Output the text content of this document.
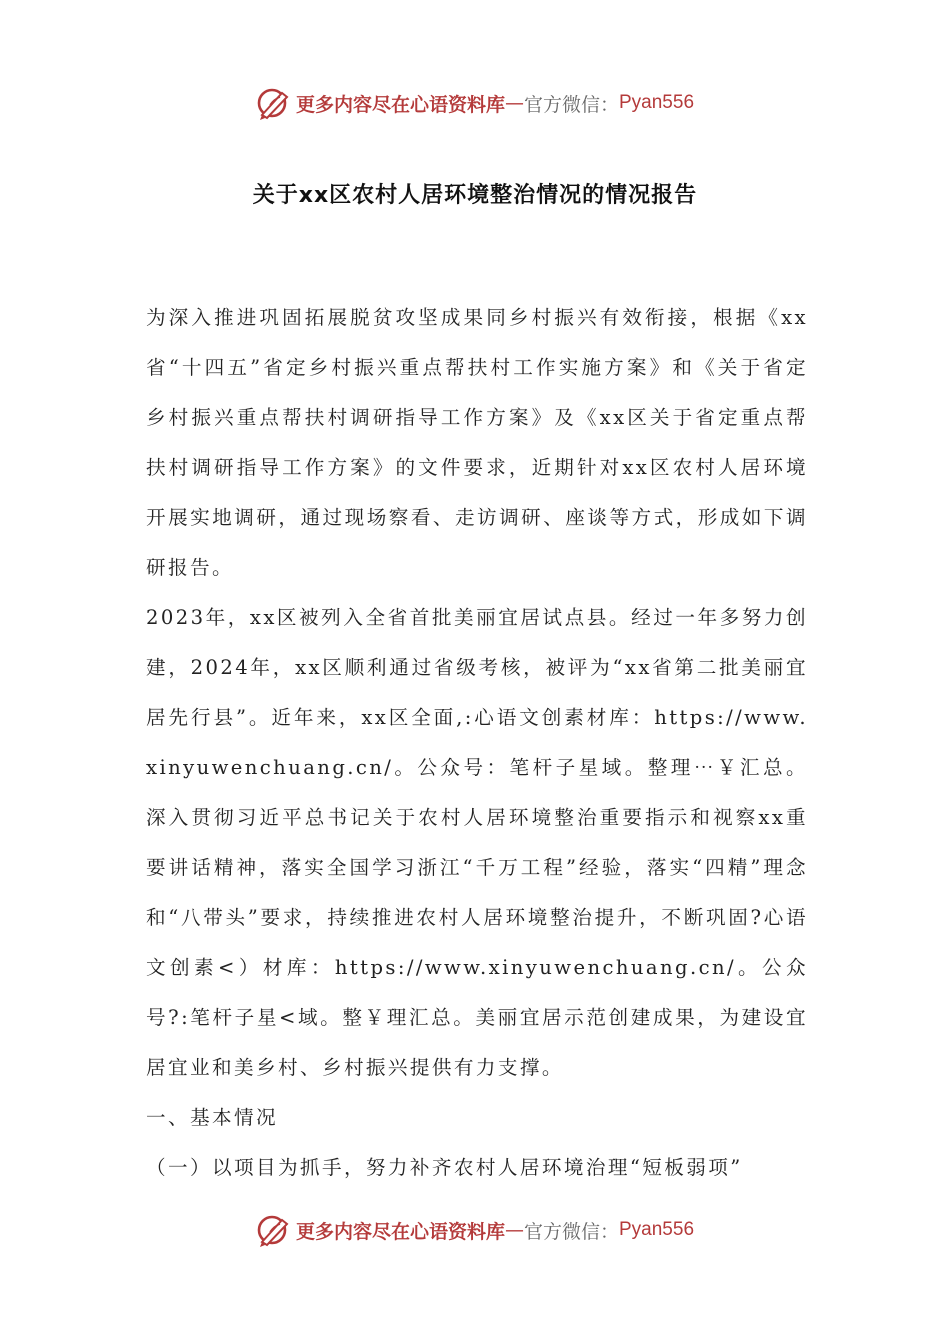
更多内容尽在心语资料库 — 官方微信： Pyan556
关于xx区农村人居环境整治情况的情况报告

为深入推进巩固拓展脱贫攻坚成果同乡村振兴有效衔接，根据《xx省“十四五”省定乡村振兴重点帮扶村工作实施方案》和《关于省定乡村振兴重点帮扶村调研指导工作方案》及《xx区关于省定重点帮扶村调研指导工作方案》的文件要求，近期针对xx区农村人居环境开展实地调研，通过现场察看、走访调研、座谈等方式，形成如下调研报告。

2023年，xx区被列入全省首批美丽宜居试点县。经过一年多努力创建，2024年，xx区顺利通过省级考核，被评为“xx省第二批美丽宜居先行县”。近年来，xx区全面,:心语文创素材库：https://www.xinyuwenchuang.cn/。公众号：笔杆子星域。整理⋯￥汇总。深入贯彻习近平总书记关于农村人居环境整治重要指示和视察xx重要讲话精神，落实全国学习浙江“千万工程”经验，落实“四精”理念和“八带头”要求，持续推进农村人居环境整治提升，不断巩固?心语文创素<）材库：https://www.xinyuwenchuang.cn/。公众号?:笔杆子星<域。整￥理汇总。美丽宜居示范创建成果，为建设宜居宜业和美乡村、乡村振兴提供有力支撑。

一、基本情况

（一）以项目为抓手，努力补齐农村人居环境治理“短板弱项”

更多内容尽在心语资料库 — 官方微信： Pyan556
